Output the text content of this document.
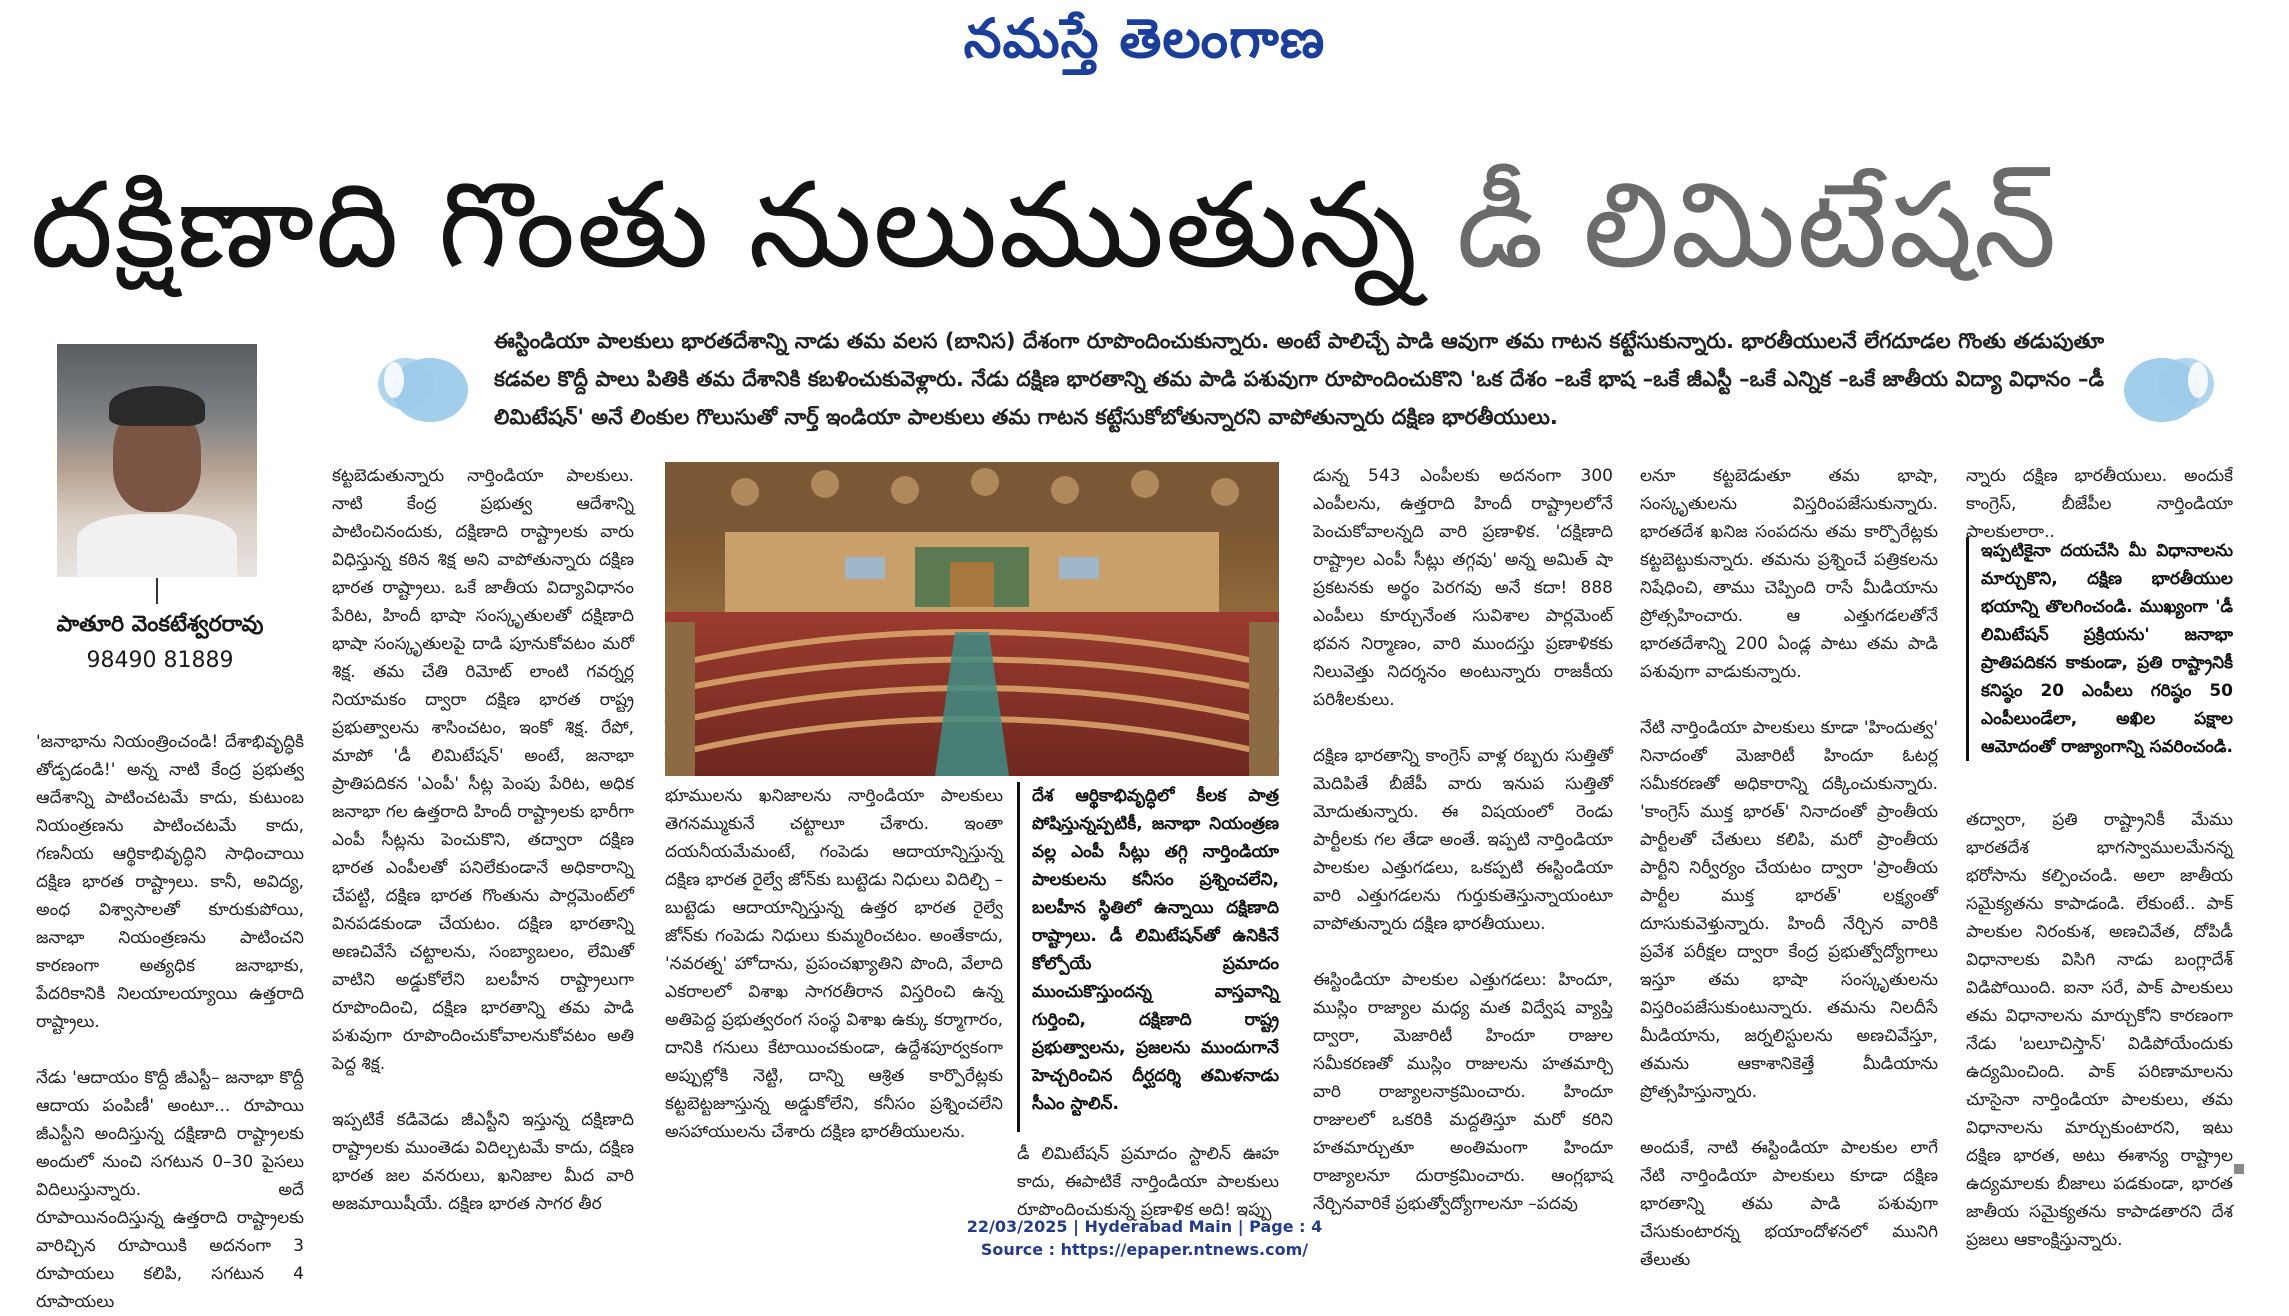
నమస్తే తెలంగాణ
దక్షిణాది గొంతు నులుముతున్న డీ లిమిటేషన్
ఈస్టిండియా పాలకులు భారతదేశాన్ని నాడు తమ వలస (బానిస) దేశంగా రూపొందించుకున్నారు. అంటే పాలిచ్చే పాడి ఆవుగా తమ గాటన కట్టేసుకున్నారు. భారతీయులనే లేగదూడల గొంతు తడుపుతూ కడవల కొద్దీ పాలు పితికి తమ దేశానికి కబళించుకువెళ్లారు. నేడు దక్షిణ భారతాన్ని తమ పాడి పశువుగా రూపొందించుకొని 'ఒక దేశం –ఒకే భాష –ఒకే జీఎస్టీ –ఒకే ఎన్నిక –ఒకే జాతీయ విద్యా విధానం –డీ లిమిటేషన్' అనే లింకుల గొలుసుతో నార్త్ ఇండియా పాలకులు తమ గాటన కట్టేసుకోబోతున్నారని వాపోతున్నారు దక్షిణ భారతీయులు.
పాతూరి వెంకటేశ్వరరావు
98490 81889
'జనాభాను నియంత్రించండి! దేశాభివృద్ధికి తోడ్పడండి!' అన్న నాటి కేంద్ర ప్రభుత్వ ఆదేశాన్ని పాటించటమే కాదు, కుటుంబ నియంత్రణను పాటించటమే కాదు, గణనీయ ఆర్థికాభివృద్ధిని సాధించాయి దక్షిణ భారత రాష్ట్రాలు. కానీ, అవిద్య, అంధ విశ్వాసాలతో కూరుకుపోయి, జనాభా నియంత్రణను పాటించని కారణంగా అత్యధిక జనాభాకు, పేదరికానికి నిలయాలయ్యాయి ఉత్తరాది రాష్ట్రాలు.

నేడు 'ఆదాయం కొద్దీ జీఎస్టీ– జనాభా కొద్దీ ఆదాయ పంపిణీ' అంటూ... రూపాయి జీఎస్టీని అందిస్తున్న దక్షిణాది రాష్ట్రాలకు అందులో నుంచి సగటున 0–30 పైసలు విదిలుస్తున్నారు. అదే రూపాయినందిస్తున్న ఉత్తరాది రాష్ట్రాలకు వారిచ్చిన రూపాయికి అదనంగా 3 రూపాయలు కలిపి, సగటున 4 రూపాయలు
కట్టబెడుతున్నారు నార్తిండియా పాలకులు. నాటి కేంద్ర ప్రభుత్వ ఆదేశాన్ని పాటించినందుకు, దక్షిణాది రాష్ట్రాలకు వారు విధిస్తున్న కఠిన శిక్ష అని వాపోతున్నారు దక్షిణ భారత రాష్ట్రాలు. ఒకే జాతీయ విద్యావిధానం పేరిట, హిందీ భాషా సంస్కృతులతో దక్షిణాది భాషా సంస్కృతులపై దాడి పూనుకోవటం మరో శిక్ష. తమ చేతి రిమోట్ లాంటి గవర్నర్ల నియామకం ద్వారా దక్షిణ భారత రాష్ట్ర ప్రభుత్వాలను శాసించటం, ఇంకో శిక్ష. రేపో, మాపో 'డీ లిమిటేషన్' అంటే, జనాభా ప్రాతిపదికన 'ఎంపీ' సీట్ల పెంపు పేరిట, అధిక జనాభా గల ఉత్తరాది హిందీ రాష్ట్రాలకు భారీగా ఎంపీ సీట్లను పెంచుకొని, తద్వారా దక్షిణ భారత ఎంపీలతో పనిలేకుండానే అధికారాన్ని చేపట్టి, దక్షిణ భారత గొంతును పార్లమెంట్‌లో వినపడకుండా చేయటం. దక్షిణ భారతాన్ని అణచివేసే చట్టాలను, సంబ్యాబలం, లేమితో వాటిని అడ్డుకోలేని బలహీన రాష్ట్రాలుగా రూపొందించి, దక్షిణ భారతాన్ని తమ పాడి పశువుగా రూపొందించుకోవాలనుకోవటం అతి పెద్ద శిక్ష.

ఇప్పటికే కడివెడు జీఎస్టీని ఇస్తున్న దక్షిణాది రాష్ట్రాలకు ముంతెడు విదిల్చటమే కాదు, దక్షిణ భారత జల వనరులు, ఖనిజాల మీద వారి అజమాయిషీయే. దక్షిణ భారత సాగర తీర
భూములను ఖనిజాలను నార్తిండియా పాలకులు తెగనమ్ముకునే చట్టాలూ చేశారు. ఇంతా దయనీయమేమంటే, గంపెడు ఆదాయాన్నిస్తున్న దక్షిణ భారత రైల్వే జోన్‌కు బుట్టెడు నిధులు విదిల్చి – బుట్టెడు ఆదాయాన్నిస్తున్న ఉత్తర భారత రైల్వే జోన్‌కు గంపెడు నిధులు కుమ్మరించటం. అంతేకాదు, 'నవరత్న' హోదాను, ప్రపంచఖ్యాతిని పొంది, వేలాది ఎకరాలలో విశాఖ సాగరతీరాన విస్తరించి ఉన్న అతిపెద్ద ప్రభుత్వరంగ సంస్థ విశాఖ ఉక్కు కర్మాగారం, దానికి గనులు కేటాయించకుండా, ఉద్దేశపూర్వకంగా అప్పుల్లోకి నెట్టి, దాన్ని ఆశ్రిత కార్పొరేట్లకు కట్టబెట్టజూస్తున్న అడ్డుకోలేని, కనీసం ప్రశ్నించలేని అసహాయులను చేశారు దక్షిణ భారతీయులను.
దేశ ఆర్థికాభివృద్ధిలో కీలక పాత్ర పోషిస్తున్నప్పటికీ, జనాభా నియంత్రణ వల్ల ఎంపీ సీట్లు తగ్గి నార్తిండియా పాలకులను కనీసం ప్రశ్నించలేని, బలహీన స్థితిలో ఉన్నాయి దక్షిణాది రాష్ట్రాలు. డీ లిమిటేషన్‌తో ఉనికినే కోల్పోయే ప్రమాదం ముంచుకొస్తుందన్న వాస్తవాన్ని గుర్తించి, దక్షిణాది రాష్ట్ర ప్రభుత్వాలను, ప్రజలను ముందుగానే హెచ్చరించిన దీర్ఘదర్శి తమిళనాడు సీఎం స్టాలిన్.
డీ లిమిటేషన్ ప్రమాదం స్టాలిన్ ఊహ కాదు, ఈపాటికే నార్తిండియా పాలకులు రూపొందించుకున్న ప్రణాళిక అది! ఇప్పు
డున్న 543 ఎంపీలకు అదనంగా 300 ఎంపీలను, ఉత్తరాది హిందీ రాష్ట్రాలలోనే పెంచుకోవాలన్నది వారి ప్రణాళిక. 'దక్షిణాది రాష్ట్రాల ఎంపీ సీట్లు తగ్గవు' అన్న అమిత్ షా ప్రకటనకు అర్థం పెరగవు అనే కదా! 888 ఎంపీలు కూర్చునేంత సువిశాల పార్లమెంట్ భవన నిర్మాణం, వారి ముందస్తు ప్రణాళికకు నిలువెత్తు నిదర్శనం అంటున్నారు రాజకీయ పరిశీలకులు.

దక్షిణ భారతాన్ని కాంగ్రెస్ వాళ్ల రబ్బరు సుత్తితో మెదిపితే బీజేపీ వారు ఇనుప సుత్తితో మోదుతున్నారు. ఈ విషయంలో రెండు పార్టీలకు గల తేడా అంతే. ఇప్పటి నార్తిండియా పాలకుల ఎత్తుగడలు, ఒకప్పటి ఈస్టిండియా వారి ఎత్తుగడలను గుర్తుకుతెస్తున్నాయంటూ వాపోతున్నారు దక్షిణ భారతీయులు.

ఈస్టిండియా పాలకుల ఎత్తుగడలు: హిందూ, ముస్లిం రాజ్యాల మధ్య మత విద్వేష వ్యాప్తి ద్వారా, మెజారిటీ హిందూ రాజుల సమీకరణతో ముస్లిం రాజులను హతమార్చి వారి రాజ్యాలనాక్రమించారు. హిందూ రాజులలో ఒకరికి మద్దతిస్తూ మరో కరిని హతమార్చుతూ అంతిమంగా హిందూ రాజ్యాలనూ దురాక్రమించారు. ఆంగ్లభాష నేర్చినవారికే ప్రభుత్వోద్యోగాలనూ –పదవు
లనూ కట్టబెడుతూ తమ భాషా, సంస్కృతులను విస్తరింపజేసుకున్నారు. భారతదేశ ఖనిజ సంపదను తమ కార్పొరేట్లకు కట్టబెట్టుకున్నారు. తమను ప్రశ్నించే పత్రికలను నిషేధించి, తాము చెప్పింది రాసే మీడియాను ప్రోత్సహించారు. ఆ ఎత్తుగడలతోనే భారతదేశాన్ని 200 ఏండ్ల పాటు తమ పాడి పశువుగా వాడుకున్నారు.

నేటి నార్తిండియా పాలకులు కూడా 'హిందుత్వ' నినాదంతో మెజారిటీ హిందూ ఓటర్ల సమీకరణతో అధికారాన్ని దక్కించుకున్నారు. 'కాంగ్రెస్ ముక్త భారత్' నినాదంతో ప్రాంతీయ పార్టీలతో చేతులు కలిపి, మరో ప్రాంతీయ పార్టీని నిర్వీర్యం చేయటం ద్వారా 'ప్రాంతీయ పార్టీల ముక్త భారత్' లక్ష్యంతో దూసుకువెళ్తున్నారు. హిందీ నేర్చిన వారికి ప్రవేశ పరీక్షల ద్వారా కేంద్ర ప్రభుత్వోద్యోగాలు ఇస్తూ తమ భాషా సంస్కృతులను విస్తరింపజేసుకుంటున్నారు. తమను నిలదీసే మీడియాను, జర్నలిస్టులను అణచివేస్తూ, తమను ఆకాశానికెత్తే మీడియాను ప్రోత్సహిస్తున్నారు.

అందుకే, నాటి ఈస్టిండియా పాలకుల లాగే నేటి నార్తిండియా పాలకులు కూడా దక్షిణ భారతాన్ని తమ పాడి పశువుగా చేసుకుంటారన్న భయాందోళనలో మునిగి తేలుతు
న్నారు దక్షిణ భారతీయులు. అందుకే కాంగ్రెస్, బీజేపీల నార్తిండియా పాలకులారా..
ఇప్పటికైనా దయచేసి మీ విధానాలను మార్చుకొని, దక్షిణ భారతీయుల భయాన్ని తొలగించండి. ముఖ్యంగా 'డీ లిమిటేషన్ ప్రక్రియను' జనాభా ప్రాతిపదికన కాకుండా, ప్రతి రాష్ట్రానికీ కనిష్ఠం 20 ఎంపీలు గరిష్ఠం 50 ఎంపీలుండేలా, అఖిల పక్షాల ఆమోదంతో రాజ్యాంగాన్ని సవరించండి.
తద్వారా, ప్రతి రాష్ట్రానికీ మేము భారతదేశ భాగస్వాములమేనన్న భరోసాను కల్పించండి. అలా జాతీయ సమైక్యతను కాపాడండి. లేకుంటే.. పాక్ పాలకుల నిరంకుశ, అణచివేత, దోపిడీ విధానాలకు విసిగి నాడు బంగ్లాదేశ్ విడిపోయింది. ఐనా సరే, పాక్ పాలకులు తమ విధానాలను మార్చుకోని కారణంగా నేడు 'బలూచిస్తాన్' విడిపోయేందుకు ఉద్యమించింది. పాక్ పరిణామాలను చూసైనా నార్తిండియా పాలకులు, తమ విధానాలను మార్చుకుంటారని, ఇటు దక్షిణ భారత, అటు ఈశాన్య రాష్ట్రాల ఉద్యమాలకు బీజాలు పడకుండా, భారత జాతీయ సమైక్యతను కాపాడతారని దేశ ప్రజలు ఆకాంక్షిస్తున్నారు.
22/03/2025 | Hyderabad Main | Page : 4
Source : https://epaper.ntnews.com/
